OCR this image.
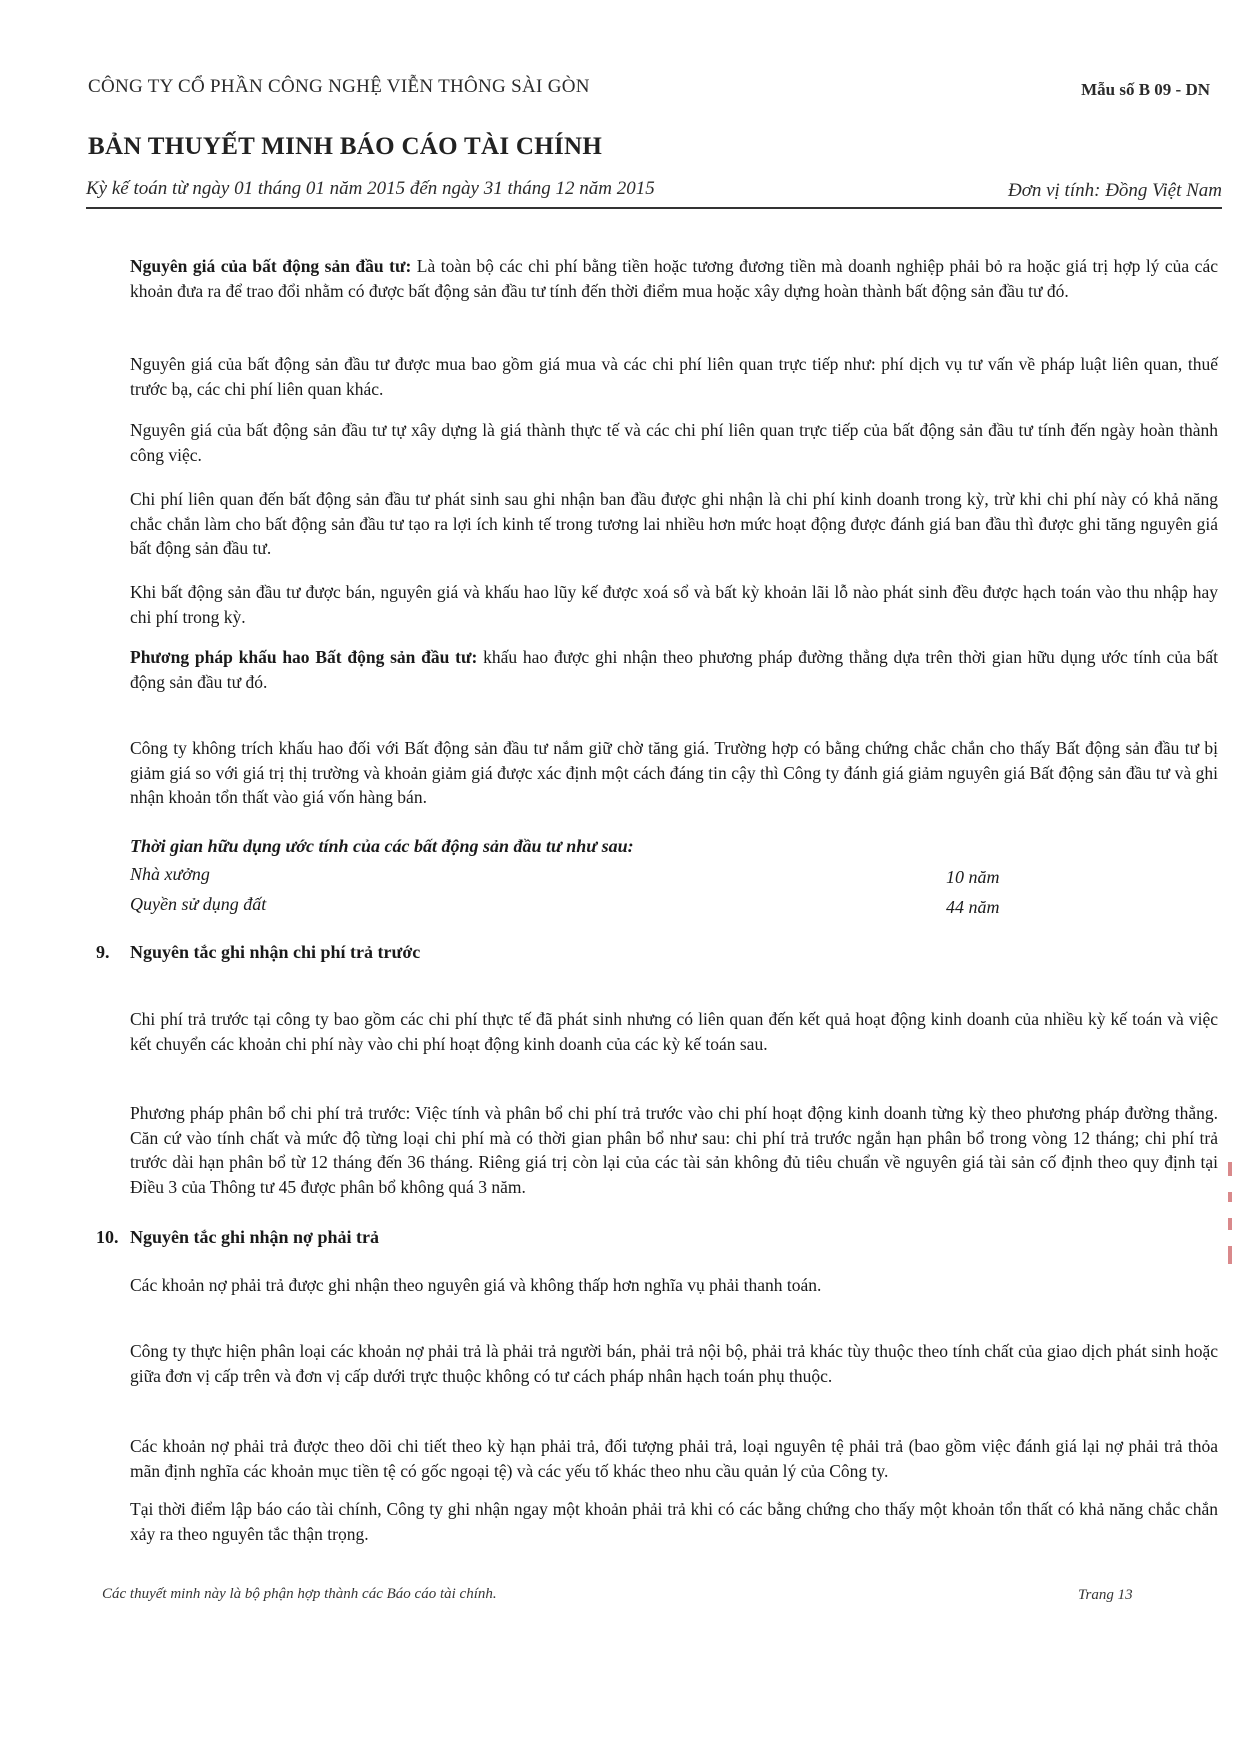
CÔNG TY CỔ PHẦN CÔNG NGHỆ VIỄN THÔNG SÀI GÒN	Mẫu số B 09 - DN
BẢN THUYẾT MINH BÁO CÁO TÀI CHÍNH
Kỳ kế toán từ ngày 01 tháng 01 năm 2015 đến ngày 31 tháng 12 năm 2015	Đơn vị tính: Đồng Việt Nam
Nguyên giá của bất động sản đầu tư: Là toàn bộ các chi phí bằng tiền hoặc tương đương tiền mà doanh nghiệp phải bỏ ra hoặc giá trị hợp lý của các khoản đưa ra để trao đổi nhằm có được bất động sản đầu tư tính đến thời điểm mua hoặc xây dựng hoàn thành bất động sản đầu tư đó.
Nguyên giá của bất động sản đầu tư được mua bao gồm giá mua và các chi phí liên quan trực tiếp như: phí dịch vụ tư vấn về pháp luật liên quan, thuế trước bạ, các chi phí liên quan khác.
Nguyên giá của bất động sản đầu tư tự xây dựng là giá thành thực tế và các chi phí liên quan trực tiếp của bất động sản đầu tư tính đến ngày hoàn thành công việc.
Chi phí liên quan đến bất động sản đầu tư phát sinh sau ghi nhận ban đầu được ghi nhận là chi phí kinh doanh trong kỳ, trừ khi chi phí này có khả năng chắc chắn làm cho bất động sản đầu tư tạo ra lợi ích kinh tế trong tương lai nhiều hơn mức hoạt động được đánh giá ban đầu thì được ghi tăng nguyên giá bất động sản đầu tư.
Khi bất động sản đầu tư được bán, nguyên giá và khấu hao lũy kế được xoá sổ và bất kỳ khoản lãi lỗ nào phát sinh đều được hạch toán vào thu nhập hay chi phí trong kỳ.
Phương pháp khấu hao Bất động sản đầu tư: khấu hao được ghi nhận theo phương pháp đường thẳng dựa trên thời gian hữu dụng ước tính của bất động sản đầu tư đó.
Công ty không trích khấu hao đối với Bất động sản đầu tư nắm giữ chờ tăng giá. Trường hợp có bằng chứng chắc chắn cho thấy Bất động sản đầu tư bị giảm giá so với giá trị thị trường và khoản giảm giá được xác định một cách đáng tin cậy thì Công ty đánh giá giảm nguyên giá Bất động sản đầu tư và ghi nhận khoản tổn thất vào giá vốn hàng bán.
Thời gian hữu dụng ước tính của các bất động sản đầu tư như sau:
Nhà xưởng	10 năm
Quyền sử dụng đất	44 năm
9. Nguyên tắc ghi nhận chi phí trả trước
Chi phí trả trước tại công ty bao gồm các chi phí thực tế đã phát sinh nhưng có liên quan đến kết quả hoạt động kinh doanh của nhiều kỳ kế toán và việc kết chuyển các khoản chi phí này vào chi phí hoạt động kinh doanh của các kỳ kế toán sau.
Phương pháp phân bổ chi phí trả trước: Việc tính và phân bổ chi phí trả trước vào chi phí hoạt động kinh doanh từng kỳ theo phương pháp đường thẳng. Căn cứ vào tính chất và mức độ từng loại chi phí mà có thời gian phân bổ như sau: chi phí trả trước ngắn hạn phân bổ trong vòng 12 tháng; chi phí trả trước dài hạn phân bổ từ 12 tháng đến 36 tháng. Riêng giá trị còn lại của các tài sản không đủ tiêu chuẩn về nguyên giá tài sản cố định theo quy định tại Điều 3 của Thông tư 45 được phân bổ không quá 3 năm.
10. Nguyên tắc ghi nhận nợ phải trả
Các khoản nợ phải trả được ghi nhận theo nguyên giá và không thấp hơn nghĩa vụ phải thanh toán.
Công ty thực hiện phân loại các khoản nợ phải trả là phải trả người bán, phải trả nội bộ, phải trả khác tùy thuộc theo tính chất của giao dịch phát sinh hoặc giữa đơn vị cấp trên và đơn vị cấp dưới trực thuộc không có tư cách pháp nhân hạch toán phụ thuộc.
Các khoản nợ phải trả được theo dõi chi tiết theo kỳ hạn phải trả, đối tượng phải trả, loại nguyên tệ phải trả (bao gồm việc đánh giá lại nợ phải trả thỏa mãn định nghĩa các khoản mục tiền tệ có gốc ngoại tệ) và các yếu tố khác theo nhu cầu quản lý của Công ty.
Tại thời điểm lập báo cáo tài chính, Công ty ghi nhận ngay một khoản phải trả khi có các bằng chứng cho thấy một khoản tổn thất có khả năng chắc chắn xảy ra theo nguyên tắc thận trọng.
Các thuyết minh này là bộ phận hợp thành các Báo cáo tài chính.	Trang 13
